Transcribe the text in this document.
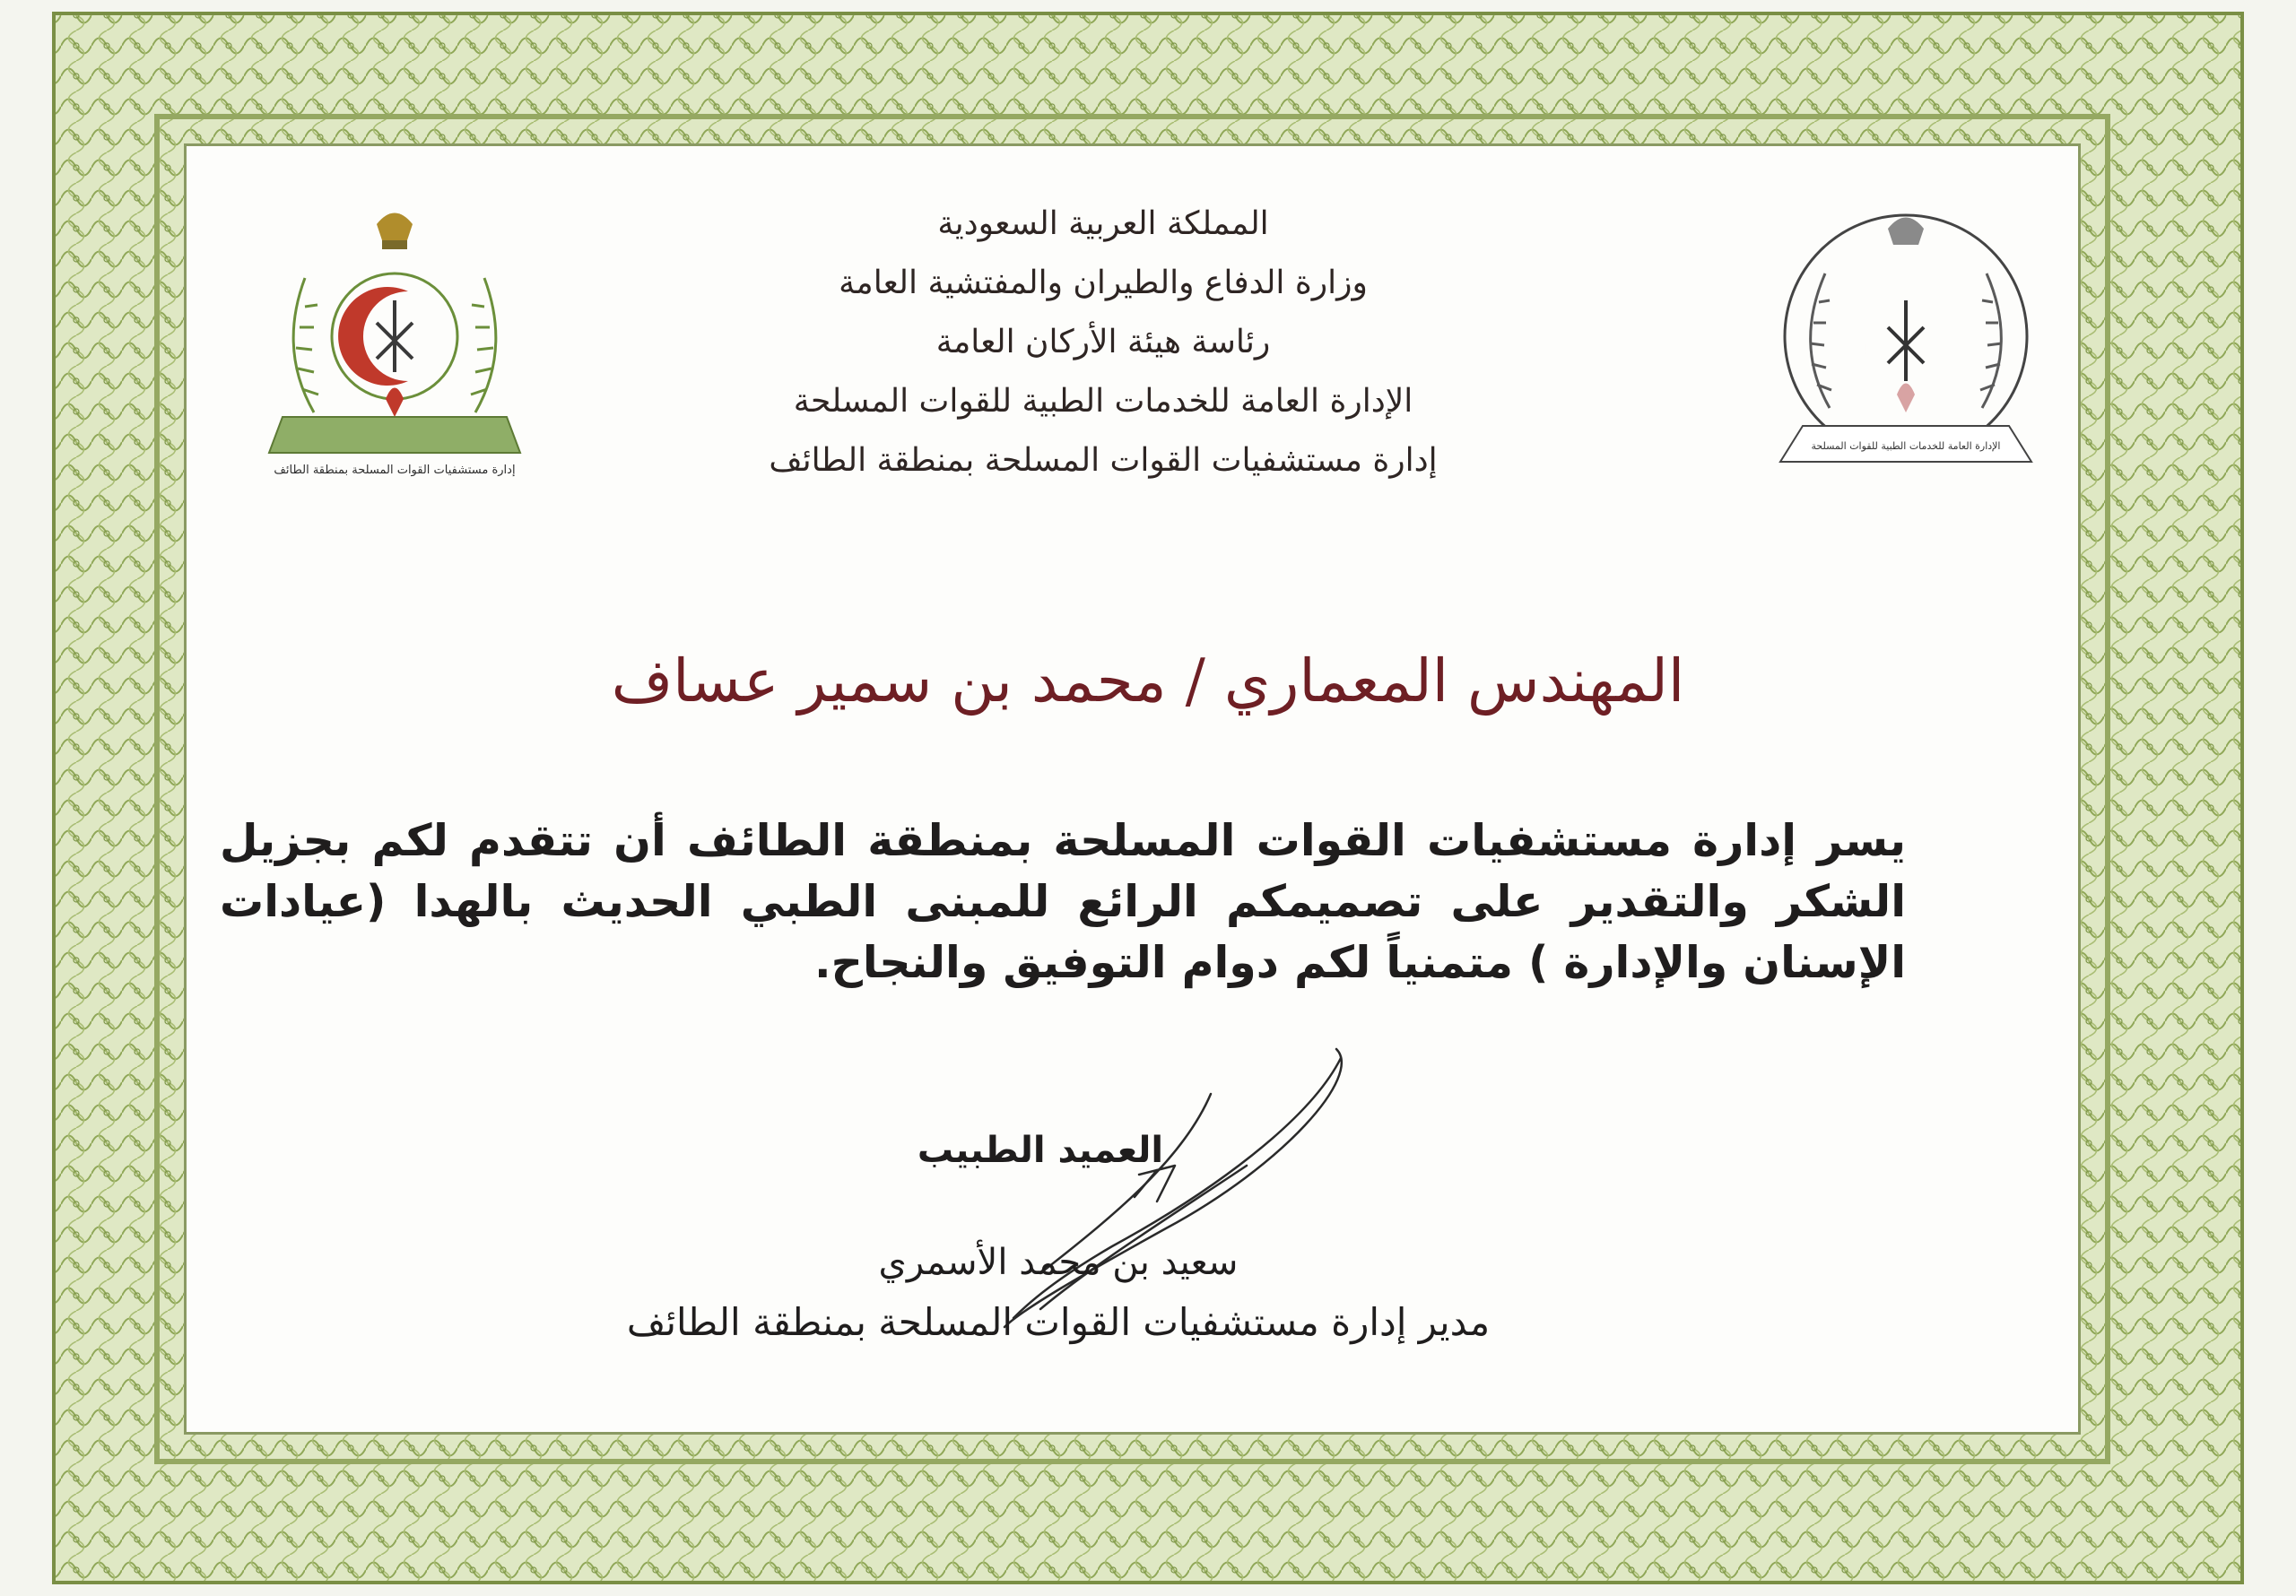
إدارة مستشفيات القوات المسلحة بمنطقة الطائف
الإدارة العامة للخدمات الطبية للقوات المسلحة
المملكة العربية السعودية
وزارة الدفاع والطيران والمفتشية العامة
رئاسة هيئة الأركان العامة
الإدارة العامة للخدمات الطبية للقوات المسلحة
إدارة مستشفيات القوات المسلحة بمنطقة الطائف
المهندس المعماري / محمد بن سمير عساف
يسر إدارة مستشفيات القوات المسلحة بمنطقة الطائف أن تتقدم لكم بجزيل الشكر والتقدير على تصميمكم الرائع للمبنى الطبي الحديث بالهدا (عيادات الإسنان والإدارة ) متمنياً لكم دوام التوفيق والنجاح.
العميد الطبيب
سعيد بن محمد الأسمري
مدير إدارة مستشفيات القوات المسلحة بمنطقة الطائف
